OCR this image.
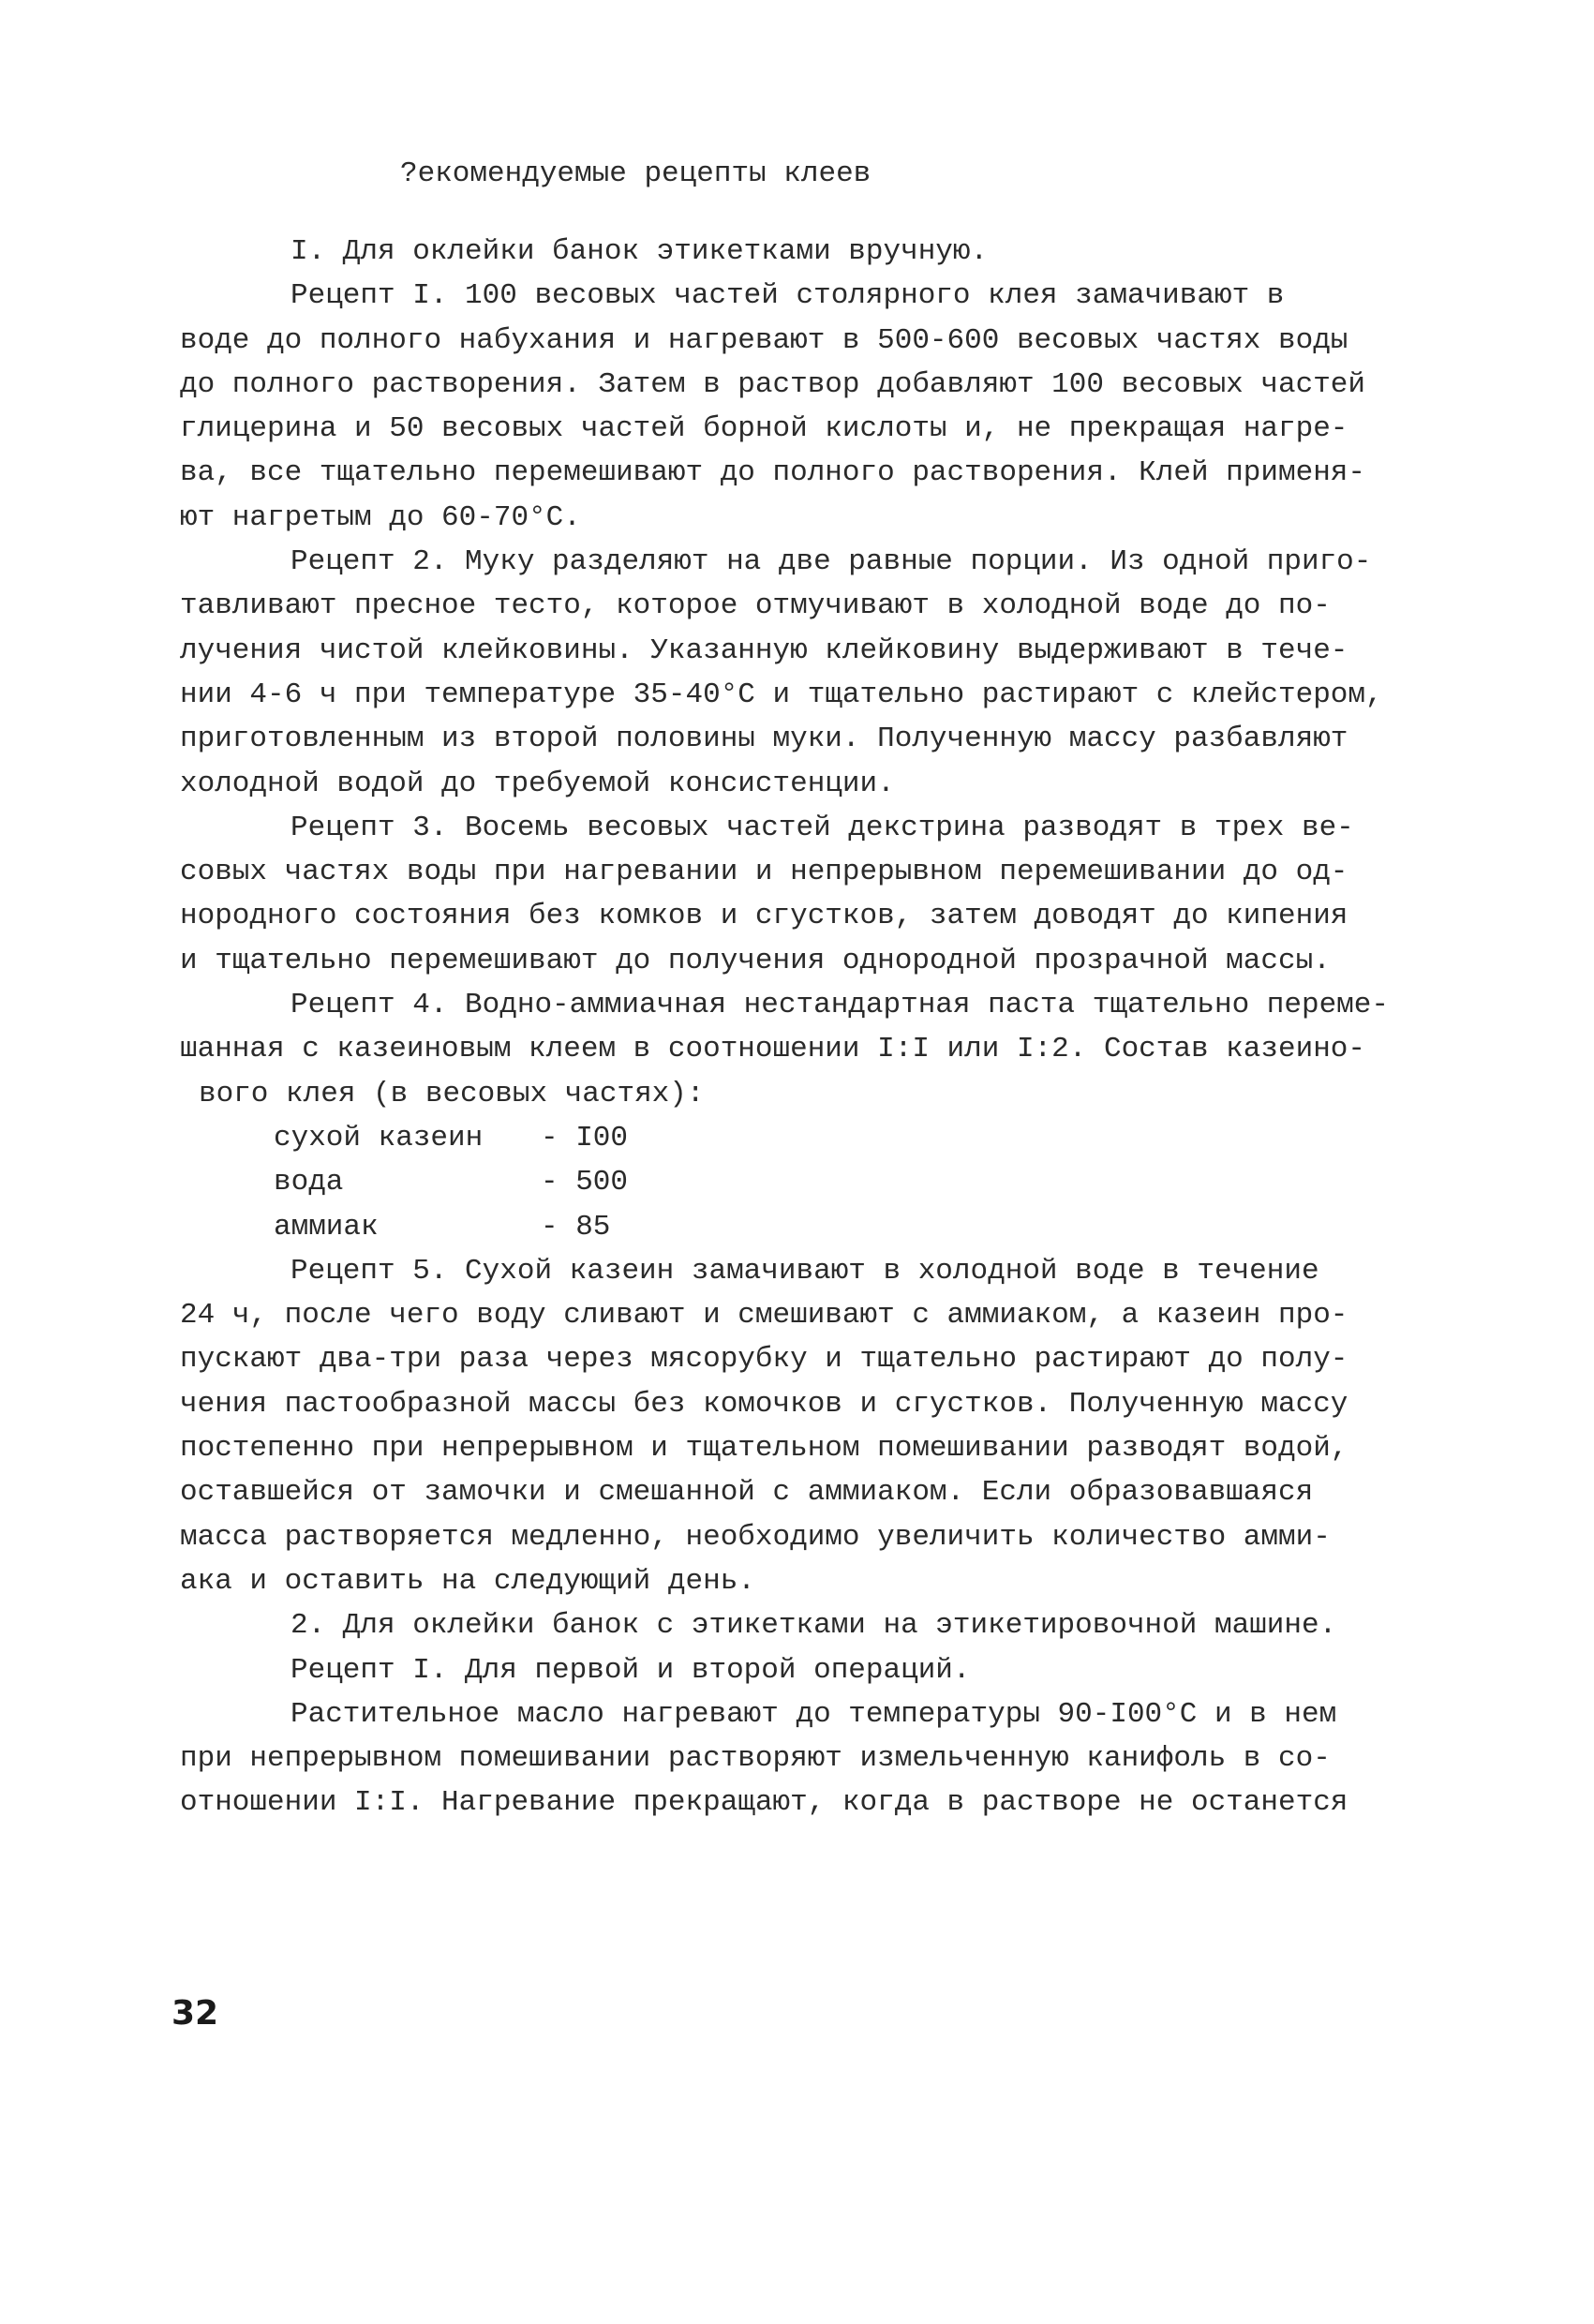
?екомендуемые рецепты клеев
I. Для оклейки банок этикетками вручную.
Рецепт I. 100 весовых частей столярного клея замачивают в
воде до полного набухания и нагревают в 500-600 весовых частях воды
до полного растворения. Затем в раствор добавляют 100 весовых частей
глицерина и 50 весовых частей борной кислоты и, не прекращая нагре-
ва, все тщательно перемешивают до полного растворения. Клей применя-
ют нагретым до 60-70°С.
Рецепт 2. Муку разделяют на две равные порции. Из одной приго-
тавливают пресное тесто, которое отмучивают в холодной воде до по-
лучения чистой клейковины. Указанную клейковину выдерживают в тече-
нии 4-6 ч при температуре 35-40°С и тщательно растирают с клейстером,
приготовленным из второй половины муки. Полученную массу разбавляют
холодной водой до требуемой консистенции.
Рецепт 3. Восемь весовых частей декстрина разводят в трех ве-
совых частях воды при нагревании и непрерывном перемешивании до од-
нородного состояния без комков и сгустков, затем доводят до кипения
и тщательно перемешивают до получения однородной прозрачной массы.
Рецепт 4. Водно-аммиачная нестандартная паста тщательно переме-
шанная с казеиновым клеем в соотношении I:I или I:2. Состав казеино-
вого клея (в весовых частях):
сухой казеин - I00
вода	- 500
аммиак	- 85
Рецепт 5. Сухой казеин замачивают в холодной воде в течение
24 ч, после чего воду сливают и смешивают с аммиаком, а казеин про-
пускают два-три раза через мясорубку и тщательно растирают до полу-
чения пастообразной массы без комочков и сгустков. Полученную массу
постепенно при непрерывном и тщательном помешивании разводят водой,
оставшейся от замочки и смешанной с аммиаком. Если образовавшаяся
масса растворяется медленно, необходимо увеличить количество амми-
ака и оставить на следующий день.
2. Для оклейки банок с этикетками на этикетировочной машине.
Рецепт I. Для первой и второй операций.
Растительное масло нагревают до температуры 90-I00°С и в нем
при непрерывном помешивании растворяют измельченную канифоль в со-
отношении I:I. Нагревание прекращают, когда в растворе не останется
32
